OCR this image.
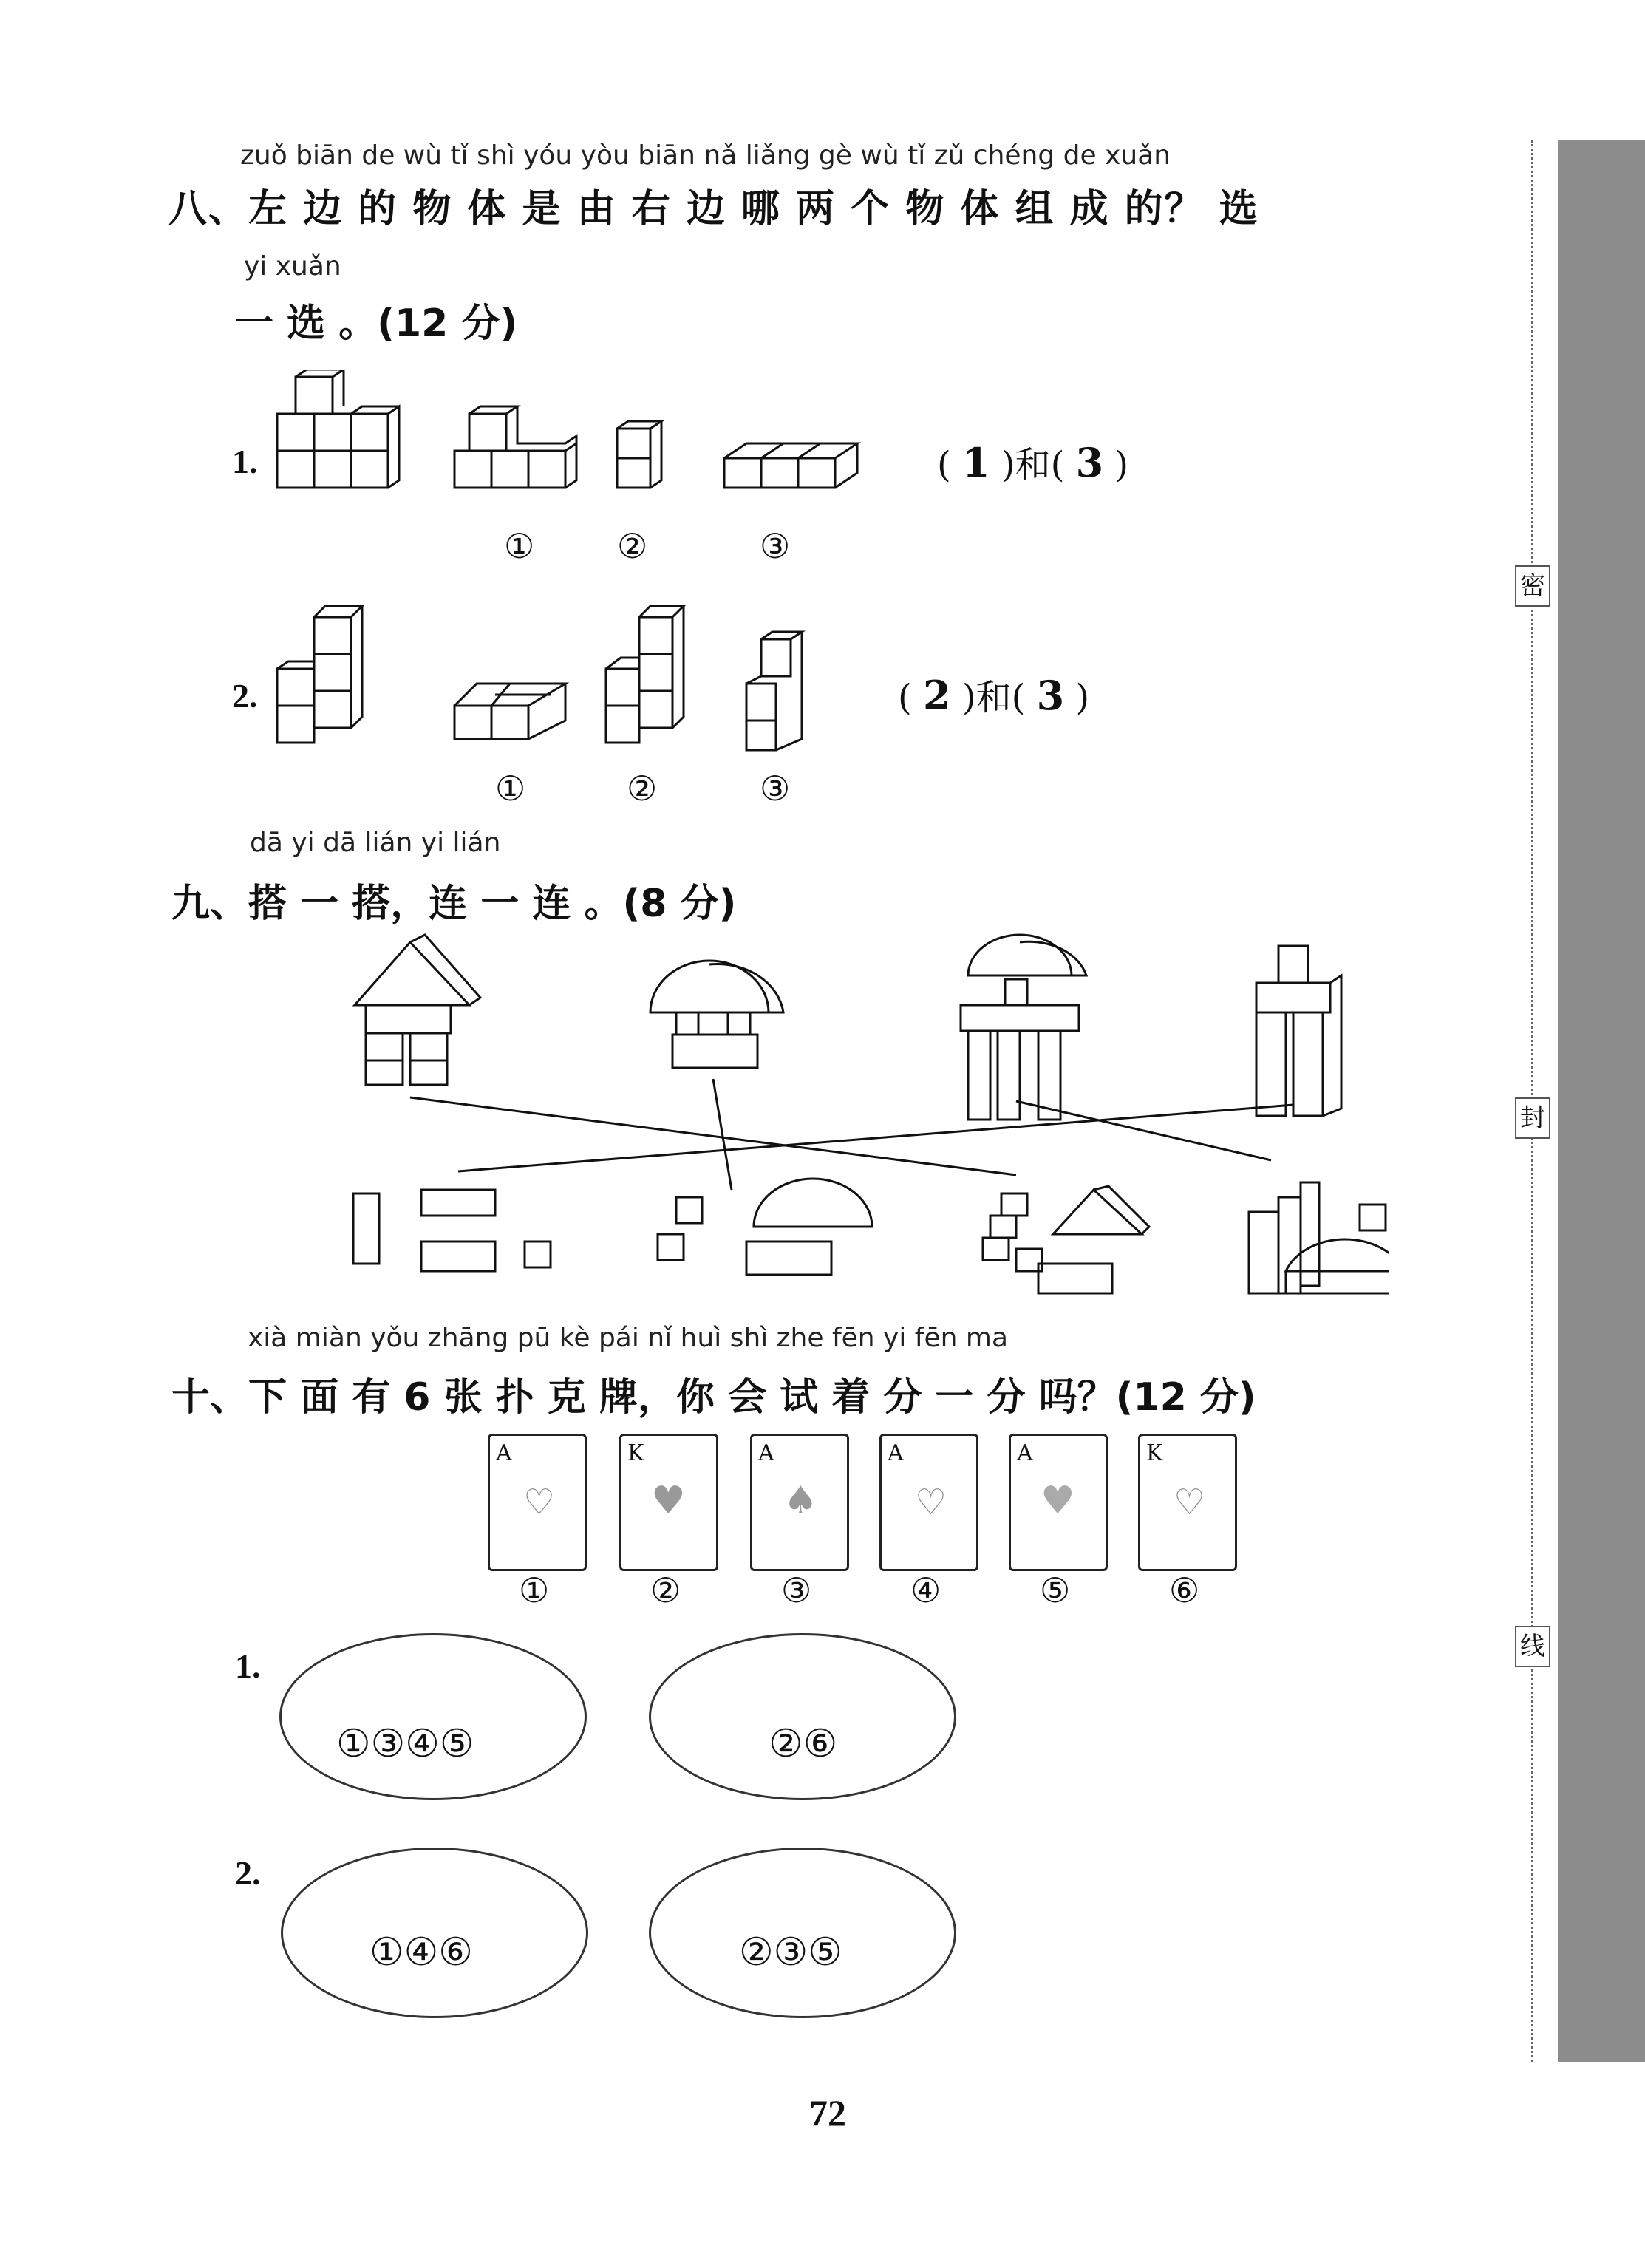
zuǒ biān de wù tǐ shì yóu yòu biān nǎ liǎng gè wù tǐ zǔ chéng de xuǎn
八、左 边 的 物 体 是 由 右 边 哪 两 个 物 体 组 成 的？ 选
yi xuǎn
一 选 。(12 分)
1.
① ②	③
( 1 )和( 3 )
2.
①	②	③
( 2 )和( 3 )
dā yi dā lián yi lián
九、搭 一 搭，连 一 连 。(8 分)
xià miàn yǒu zhāng pū kè pái nǐ huì shì zhe fēn yi fēn ma
十、下 面 有 6 张 扑 克 牌，你 会 试 着 分 一 分 吗？(12 分)
A
♡
K
♥
A
♠
A
♡
A
♥
K
♡
①	②	③	④	⑤	⑥
1.
①③④⑤	②⑥
2.
①④⑥	②③⑤
72
密
封
线
